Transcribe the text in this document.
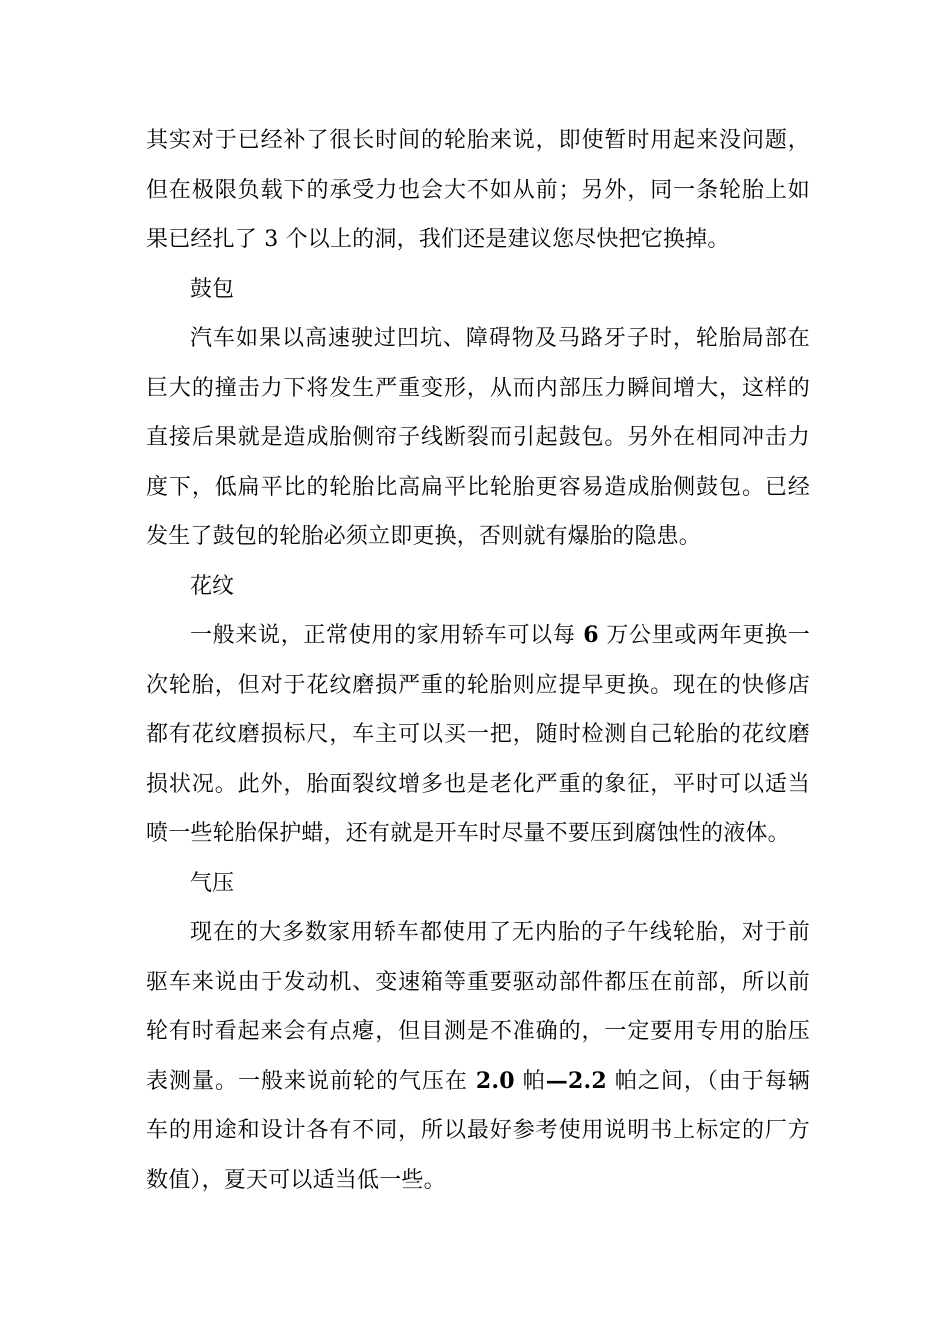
其实对于已经补了很长时间的轮胎来说，即使暂时用起来没问题，但在极限负载下的承受力也会大不如从前；另外，同一条轮胎上如果已经扎了 3 个以上的洞，我们还是建议您尽快把它换掉。

鼓包

汽车如果以高速驶过凹坑、障碍物及马路牙子时，轮胎局部在巨大的撞击力下将发生严重变形，从而内部压力瞬间增大，这样的直接后果就是造成胎侧帘子线断裂而引起鼓包。另外在相同冲击力度下，低扁平比的轮胎比高扁平比轮胎更容易造成胎侧鼓包。已经发生了鼓包的轮胎必须立即更换，否则就有爆胎的隐患。

花纹

一般来说，正常使用的家用轿车可以每 6 万公里或两年更换一次轮胎，但对于花纹磨损严重的轮胎则应提早更换。现在的快修店都有花纹磨损标尺，车主可以买一把，随时检测自己轮胎的花纹磨损状况。此外，胎面裂纹增多也是老化严重的象征，平时可以适当喷一些轮胎保护蜡，还有就是开车时尽量不要压到腐蚀性的液体。

气压

现在的大多数家用轿车都使用了无内胎的子午线轮胎，对于前驱车来说由于发动机、变速箱等重要驱动部件都压在前部，所以前轮有时看起来会有点瘪，但目测是不准确的，一定要用专用的胎压表测量。一般来说前轮的气压在 2.0 帕—2.2 帕之间，（由于每辆车的用途和设计各有不同，所以最好参考使用说明书上标定的厂方数值），夏天可以适当低一些。
